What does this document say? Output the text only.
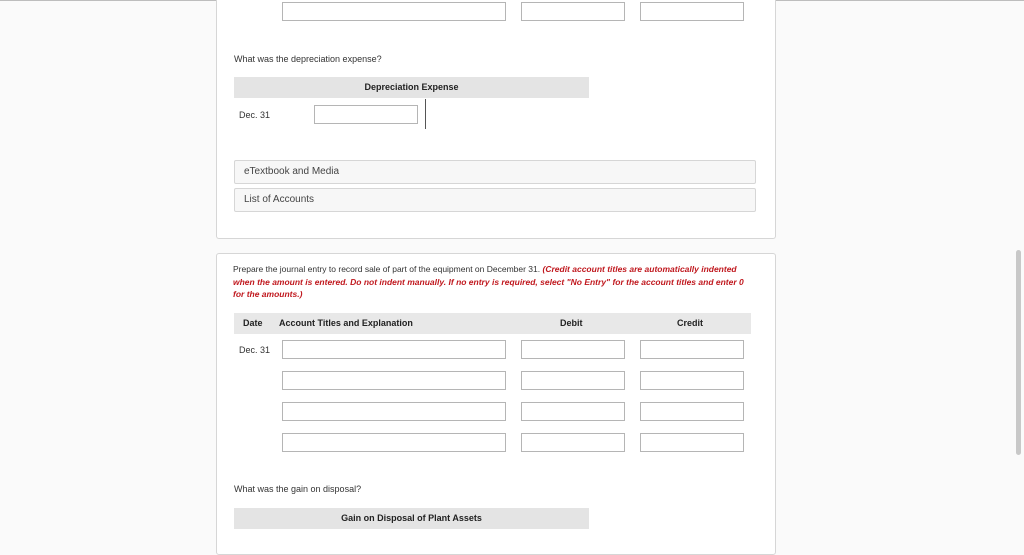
What was the depreciation expense?
Depreciation Expense
Dec. 31
eTextbook and Media
List of Accounts
Prepare the journal entry to record sale of part of the equipment on December 31. (Credit account titles are automatically indented when the amount is entered. Do not indent manually. If no entry is required, select "No Entry" for the account titles and enter 0 for the amounts.)
Date Account Titles and Explanation	Debit	Credit
Dec. 31
What was the gain on disposal?
Gain on Disposal of Plant Assets
